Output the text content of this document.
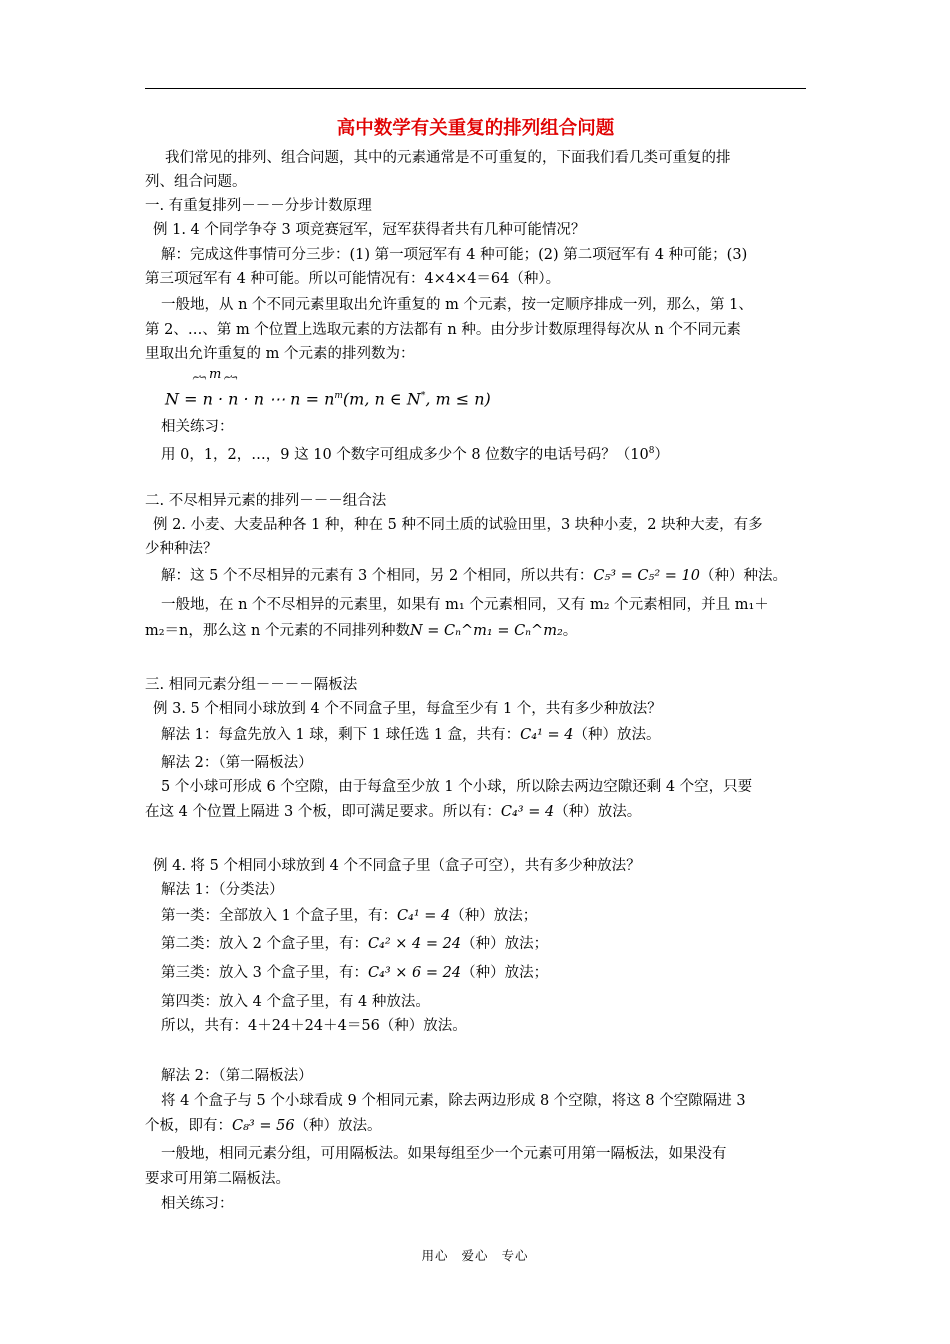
高中数学有关重复的排列组合问题
我们常见的排列、组合问题，其中的元素通常是不可重复的，下面我们看几类可重复的排
列、组合问题。
一. 有重复排列－－－分步计数原理
例 1. 4 个同学争夺 3 项竞赛冠军，冠军获得者共有几种可能情况？
解：完成这件事情可分三步：(1) 第一项冠军有 4 种可能；(2) 第二项冠军有 4 种可能；(3)
第三项冠军有 4 种可能。所以可能情况有：4×4×4＝64（种）。
一般地，从 n 个不同元素里取出允许重复的 m 个元素，按一定顺序排成一列，那么，第 1、
第 2、…、第 m 个位置上选取元素的方法都有 n 种。由分步计数原理得每次从 n 个不同元素
里取出允许重复的 m 个元素的排列数为：
︷m︷
N = n · n · n ⋯ $n = n^m(m$, n ∈ N*, m ≤ n)
相关练习：
用 0，1，2，…，9 这 10 个数字可组成多少个 8 位数字的电话号码？$(10^8)$
二. 不尽相异元素的排列－－－组合法
例 2. 小麦、大麦品种各 1 种，种在 5 种不同土质的试验田里，3 块种小麦，2 块种大麦，有多
少种种法？
解：这 5 个不尽相异的元素有 3 个相同，另 2 个相同，所以共有：C₅³ = C₅² = 10（种）种法。
一般地，在 n 个不尽相异的元素里，如果有 m₁ 个元素相同，又有 m₂ 个元素相同，并且 m₁＋
m₂＝n，那么这 n 个元素的不同排列种数N = Cₙ^m₁ = Cₙ^m₂。
三. 相同元素分组－－－－隔板法
例 3. 5 个相同小球放到 4 个不同盒子里，每盒至少有 1 个，共有多少种放法？
解法 1：每盒先放入 1 球，剩下 1 球任选 1 盒，共有：C₄¹ = 4（种）放法。
解法 2：（第一隔板法）
5 个小球可形成 6 个空隙，由于每盒至少放 1 个小球，所以除去两边空隙还剩 4 个空，只要
在这 4 个位置上隔进 3 个板，即可满足要求。所以有：C₄³ = 4（种）放法。
例 4. 将 5 个相同小球放到 4 个不同盒子里（盒子可空），共有多少种放法？
解法 1：（分类法）
第一类：全部放入 1 个盒子里，有：C₄¹ = 4（种）放法；
第二类：放入 2 个盒子里，有：C₄² × 4 = 24（种）放法；
第三类：放入 3 个盒子里，有：C₄³ × 6 = 24（种）放法；
第四类：放入 4 个盒子里，有 4 种放法。
所以，共有：4＋24＋24＋4＝56（种）放法。
解法 2：（第二隔板法）
将 4 个盒子与 5 个小球看成 9 个相同元素，除去两边形成 8 个空隙，将这 8 个空隙隔进 3
个板，即有：C₈³ = 56（种）放法。
一般地，相同元素分组，可用隔板法。如果每组至少一个元素可用第一隔板法，如果没有
要求可用第二隔板法。
相关练习：
用心 爱心 专心
